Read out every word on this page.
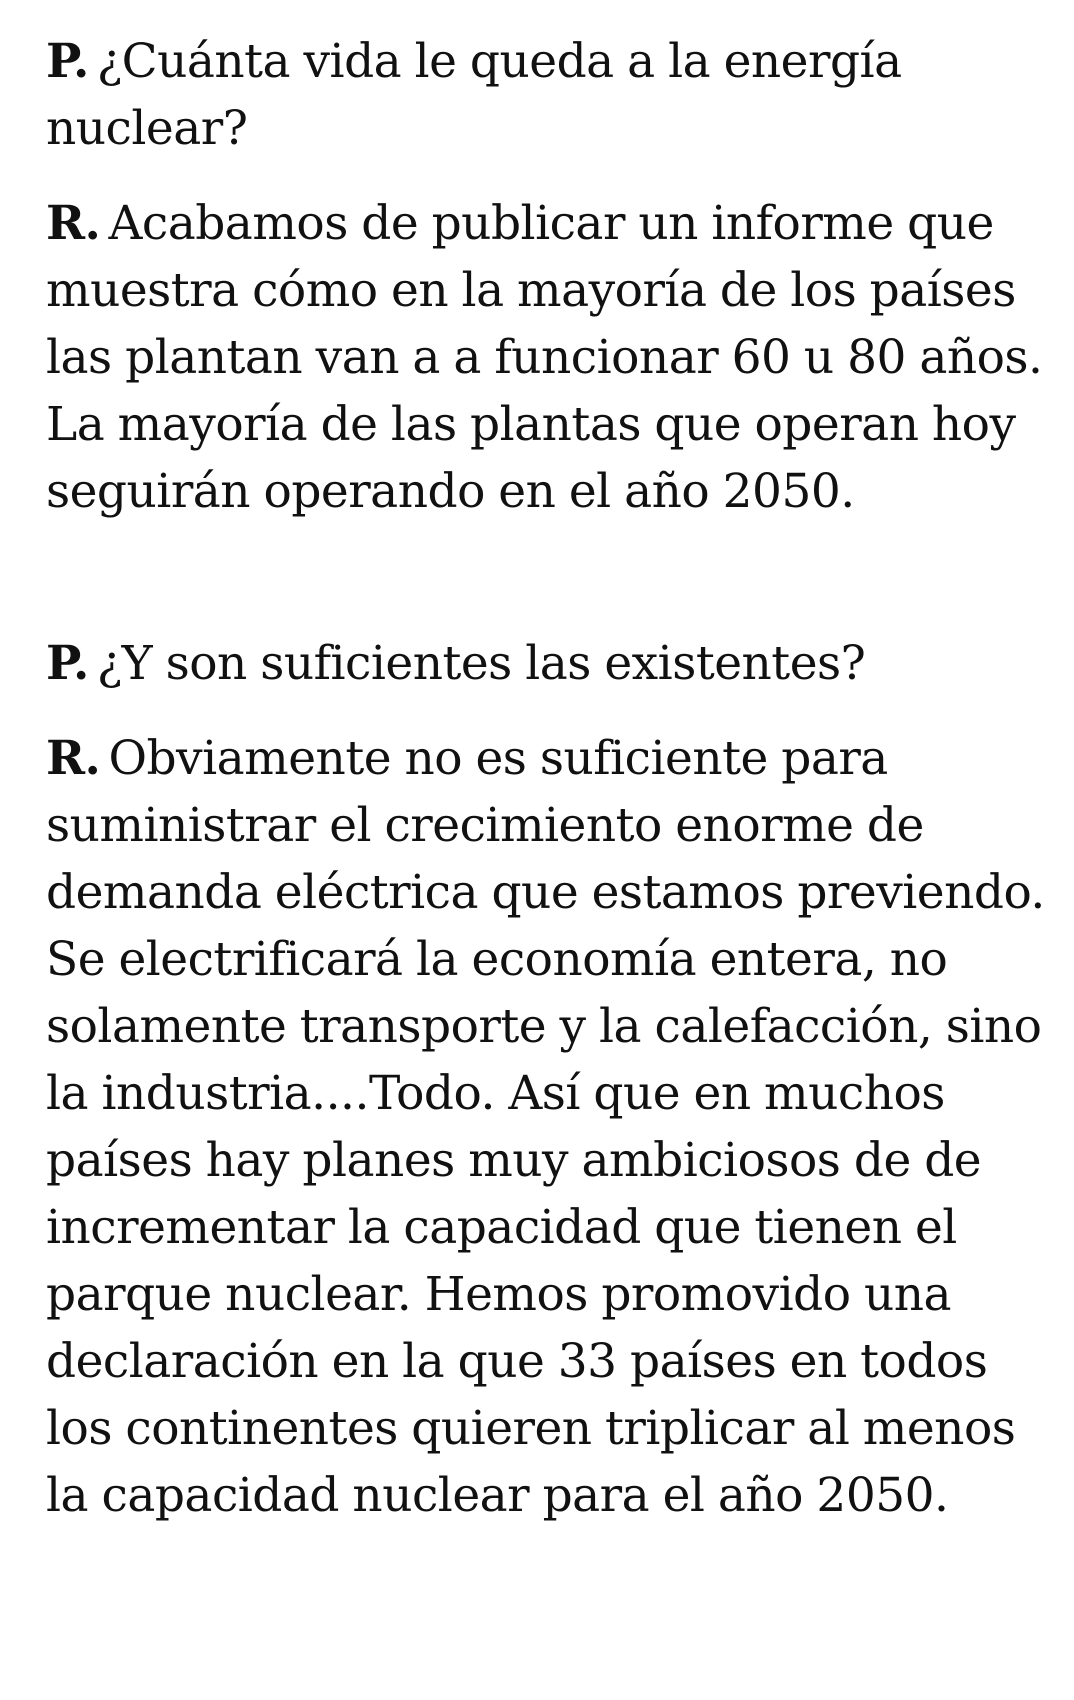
P. ¿Cuánta vida le queda a la energía nuclear?

R. Acabamos de publicar un informe que muestra cómo en la mayoría de los países las plantan van a a funcionar 60 u 80 años. La mayoría de las plantas que operan hoy seguirán operando en el año 2050.

P. ¿Y son suficientes las existentes?

R. Obviamente no es suficiente para suministrar el crecimiento enorme de demanda eléctrica que estamos previendo. Se electrificará la economía entera, no solamente transporte y la calefacción, sino la industria....Todo. Así que en muchos países hay planes muy ambiciosos de de incrementar la capacidad que tienen el parque nuclear. Hemos promovido una declaración en la que 33 países en todos los continentes quieren triplicar al menos la capacidad nuclear para el año 2050.
